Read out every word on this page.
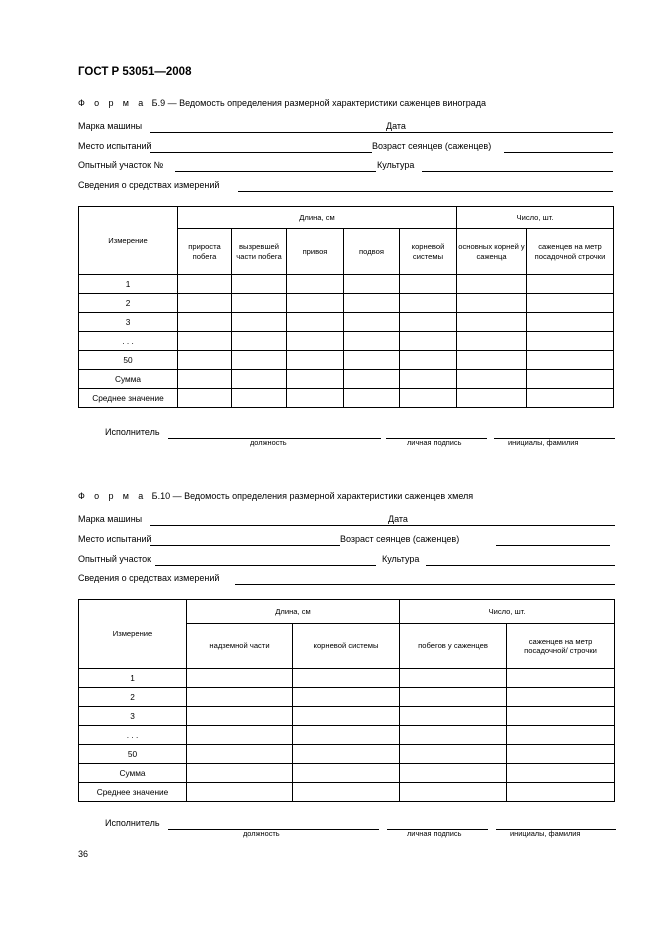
ГОСТ Р 53051—2008
Ф о р м а Б.9 — Ведомость определения размерной характеристики саженцев винограда
Марка машины	Дата
Место испытаний	Возраст сеянцев (саженцев)
Опытный участок №	Культура
Сведения о средствах измерений
Измерение	Длина, см					Число, шт.	
	прироста побега	вызревшей части побега	привоя	подвоя	корневой системы	основных корней у саженца	саженцев на метр посадочной строчки
1							
2							
3							
. . .							
50							
Сумма							
Среднее значение							
Исполнитель
должность	личная подпись	инициалы, фамилия
Ф о р м а Б.10 — Ведомость определения размерной характеристики саженцев хмеля
Марка машины	Дата
Место испытаний	Возраст сеянцев (саженцев)
Опытный участок	Культура
Сведения о средствах измерений
Измерение	Длина, см		Число, шт.	
	надземной части	корневой системы	побегов у саженцев	саженцев на метр посадочной/ строчки
1				
2				
3				
. . .				
50				
Сумма				
Среднее значение				
Исполнитель
должность	личная подпись	инициалы, фамилия
36
